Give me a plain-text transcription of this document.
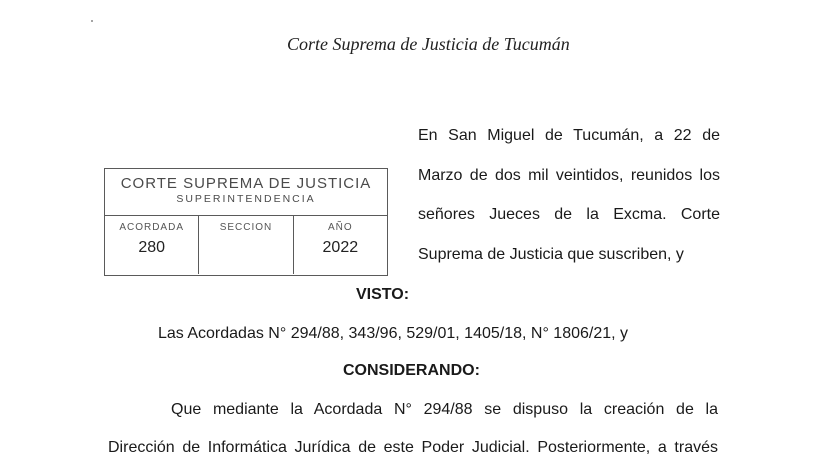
Corte Suprema de Justicia de Tucumán
CORTE SUPREMA DE JUSTICIA
SUPERINTENDENCIA
ACORDADA
280
SECCION	AÑO
2022
En San Miguel de Tucumán, a 22 de
Marzo de dos mil veintidos, reunidos los
señores Jueces de la Excma. Corte
Suprema de Justicia que suscriben, y
VISTO:
Las Acordadas N° 294/88, 343/96, 529/01, 1405/18, N° 1806/21, y
CONSIDERANDO:
Que mediante la Acordada N° 294/88 se dispuso la creación de la
Dirección de Informática Jurídica de este Poder Judicial. Posteriormente, a través
